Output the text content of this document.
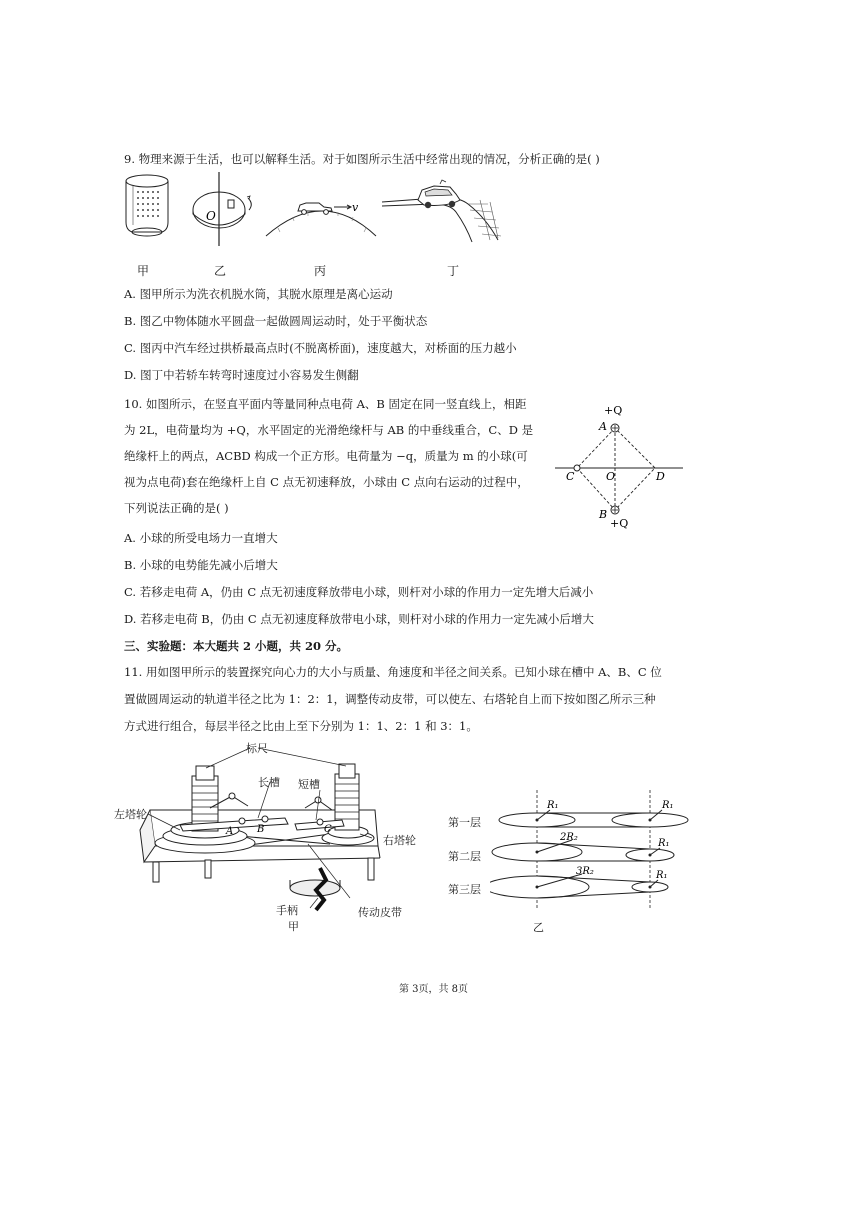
9. 物理来源于生活，也可以解释生活。对于如图所示生活中经常出现的情况，分析正确的是( )
O
v
甲	乙	丙	丁
A. 图甲所示为洗衣机脱水筒，其脱水原理是离心运动
B. 图乙中物体随水平圆盘一起做圆周运动时，处于平衡状态
C. 图丙中汽车经过拱桥最高点时(不脱离桥面)，速度越大，对桥面的压力越小
D. 图丁中若轿车转弯时速度过小容易发生侧翻
10. 如图所示，在竖直平面内等量同种点电荷 A、B 固定在同一竖直线上，相距
为 2L，电荷量均为 +Q，水平固定的光滑绝缘杆与 AB 的中垂线重合，C、D 是
绝缘杆上的两点，ACBD 构成一个正方形。电荷量为 −q，质量为 m 的小球(可
视为点电荷)套在绝缘杆上自 C 点无初速释放，小球由 C 点向右运动的过程中，
下列说法正确的是( )
+Q
A
B
+Q
C	O	D
A. 小球的所受电场力一直增大
B. 小球的电势能先减小后增大
C. 若移走电荷 A，仍由 C 点无初速度释放带电小球，则杆对小球的作用力一定先增大后减小
D. 若移走电荷 B，仍由 C 点无初速度释放带电小球，则杆对小球的作用力一定先减小后增大
三、实验题：本大题共 2 小题，共 20 分。
11. 用如图甲所示的装置探究向心力的大小与质量、角速度和半径之间关系。已知小球在槽中 A、B、C 位
置做圆周运动的轨道半径之比为 1：2：1，调整传动皮带，可以使左、右塔轮自上而下按如图乙所示三种
方式进行组合，每层半径之比由上至下分别为 1：1、2：1 和 3：1。
A B	C
标尺
长槽 短槽
左塔轮
右塔轮
手柄	传动皮带
甲
R₁	R₁
2R₂
R₁
3R₂	R₁
第一层
第二层
第三层
乙
第 3页，共 8页
